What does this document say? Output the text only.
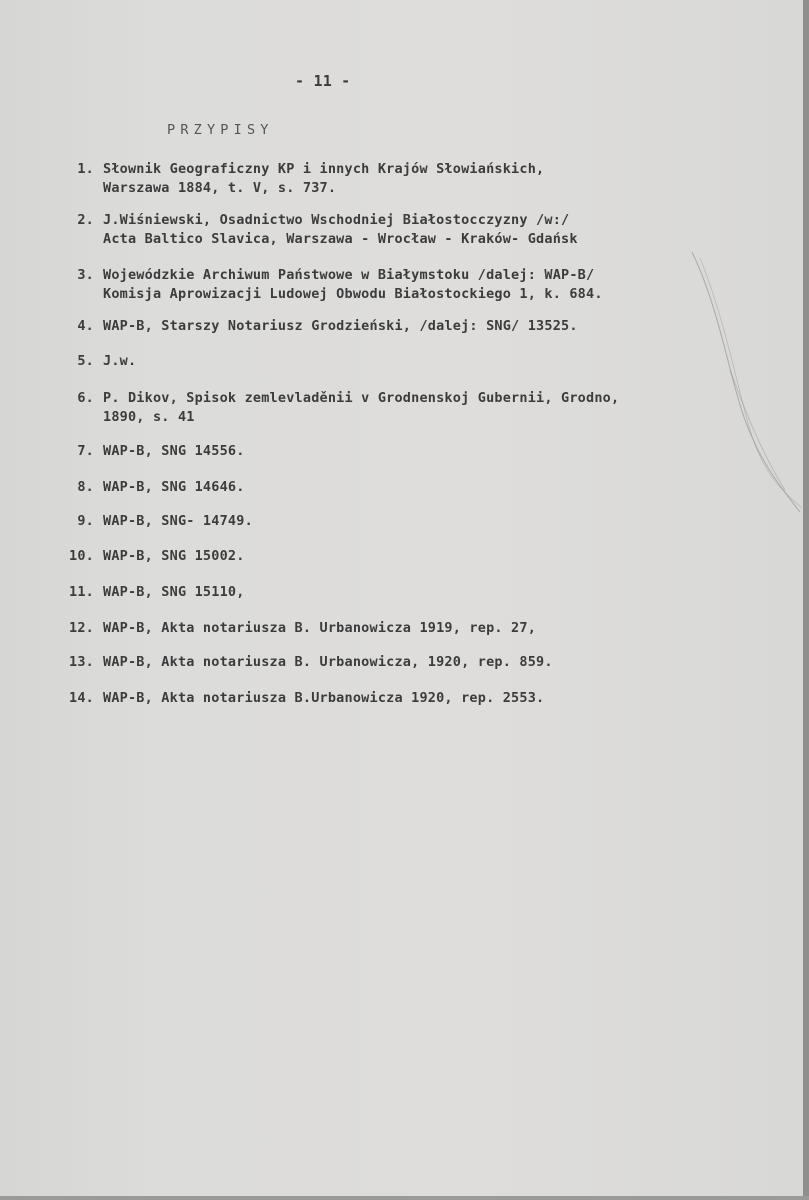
- 11 -
PRZYPISY
1. Słownik Geograficzny KP i innych Krajów Słowiańskich,
Warszawa 1884, t. V, s. 737.
2. J.Wiśniewski, Osadnictwo Wschodniej Białostocczyzny /w:/
Acta Baltico Slavica, Warszawa - Wrocław - Kraków- Gdańsk
3. Wojewódzkie Archiwum Państwowe w Białymstoku /dalej: WAP-B/
Komisja Aprowizacji Ludowej Obwodu Białostockiego 1, k. 684.
4. WAP-B, Starszy Notariusz Grodzieński, /dalej: SNG/ 13525.
5. J.w.
6. P. Dikov, Spisok zemlevladěnii v Grodnenskoj Gubernii, Grodno,
1890, s. 41
7. WAP-B, SNG 14556.
8. WAP-B, SNG 14646.
9. WAP-B, SNG- 14749.
10. WAP-B, SNG 15002.
11. WAP-B, SNG 15110,
12. WAP-B, Akta notariusza B. Urbanowicza 1919, rep. 27,
13. WAP-B, Akta notariusza B. Urbanowicza, 1920, rep. 859.
14. WAP-B, Akta notariusza B.Urbanowicza 1920, rep. 2553.
